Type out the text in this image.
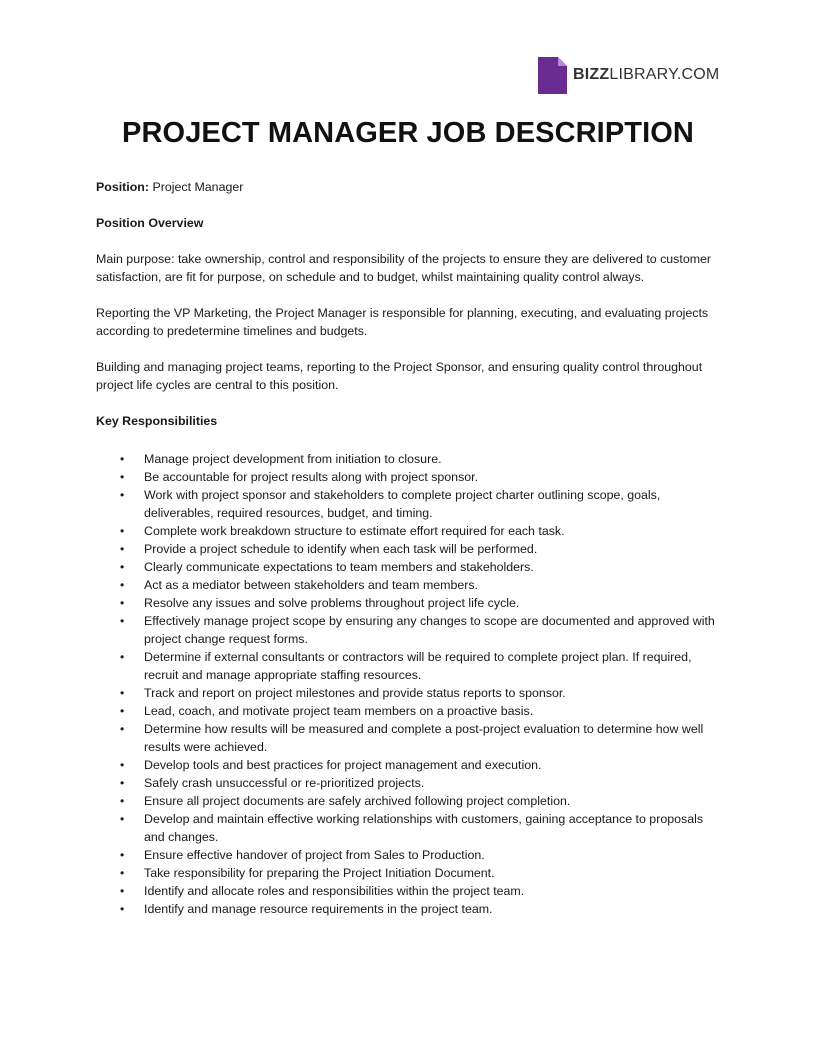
BIZZLIBRARY.COM
PROJECT MANAGER JOB DESCRIPTION

Position: Project Manager

Position Overview

Main purpose: take ownership, control and responsibility of the projects to ensure they are delivered to customer satisfaction, are fit for purpose, on schedule and to budget, whilst maintaining quality control always.

Reporting the VP Marketing, the Project Manager is responsible for planning, executing, and evaluating projects according to predetermine timelines and budgets.

Building and managing project teams, reporting to the Project Sponsor, and ensuring quality control throughout project life cycles are central to this position.

Key Responsibilities

• Manage project development from initiation to closure.
• Be accountable for project results along with project sponsor.
• Work with project sponsor and stakeholders to complete project charter outlining scope, goals, deliverables, required resources, budget, and timing.
• Complete work breakdown structure to estimate effort required for each task.
• Provide a project schedule to identify when each task will be performed.
• Clearly communicate expectations to team members and stakeholders.
• Act as a mediator between stakeholders and team members.
• Resolve any issues and solve problems throughout project life cycle.
• Effectively manage project scope by ensuring any changes to scope are documented and approved with project change request forms.
• Determine if external consultants or contractors will be required to complete project plan. If required, recruit and manage appropriate staffing resources.
• Track and report on project milestones and provide status reports to sponsor.
• Lead, coach, and motivate project team members on a proactive basis.
• Determine how results will be measured and complete a post-project evaluation to determine how well results were achieved.
• Develop tools and best practices for project management and execution.
• Safely crash unsuccessful or re-prioritized projects.
• Ensure all project documents are safely archived following project completion.
• Develop and maintain effective working relationships with customers, gaining acceptance to proposals and changes.
• Ensure effective handover of project from Sales to Production.
• Take responsibility for preparing the Project Initiation Document.
• Identify and allocate roles and responsibilities within the project team.
• Identify and manage resource requirements in the project team.
